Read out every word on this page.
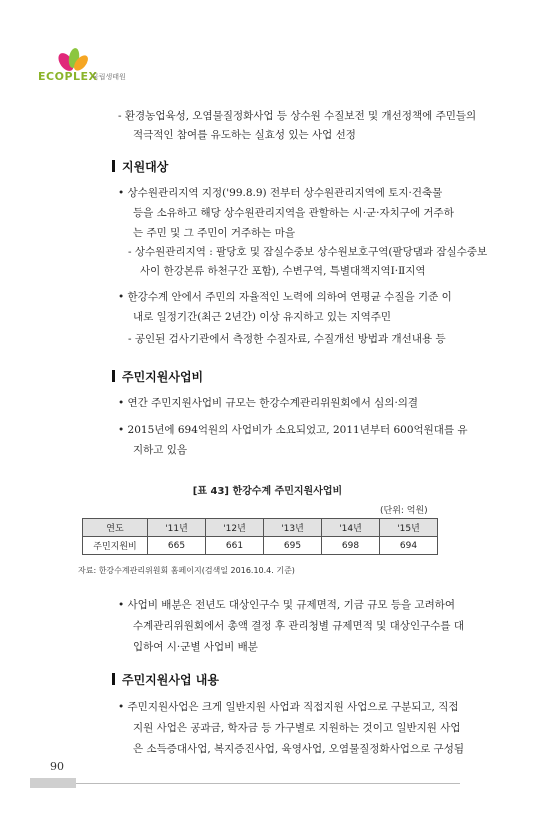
ECOPLEX
국립생태원
- 환경농업육성, 오염물질정화사업 등 상수원 수질보전 및 개선정책에 주민들의
적극적인 참여를 유도하는 실효성 있는 사업 선정
• 상수원관리지역 지정('99.8.9) 전부터 상수원관리지역에 토지·건축물
등을 소유하고 해당 상수원관리지역을 관할하는 시·군·자치구에 거주하
는 주민 및 그 주민이 거주하는 마을
- 상수원관리지역 : 팔당호 및 잠실수중보 상수원보호구역(팔당댐과 잠실수중보
사이 한강본류 하천구간 포함), 수변구역, 특별대책지역Ⅰ·Ⅱ지역
• 한강수계 안에서 주민의 자율적인 노력에 의하여 연평균 수질을 기준 이
내로 일정기간(최근 2년간) 이상 유지하고 있는 지역주민
- 공인된 검사기관에서 측정한 수질자료, 수질개선 방법과 개선내용 등
• 연간 주민지원사업비 규모는 한강수계관리위원회에서 심의·의결
• 2015년에 694억원의 사업비가 소요되었고, 2011년부터 600억원대를 유
지하고 있음
• 사업비 배분은 전년도 대상인구수 및 규제면적, 기금 규모 등을 고려하여
수계관리위원회에서 총액 결정 후 관리청별 규제면적 및 대상인구수를 대
입하여 시·군별 사업비 배분
• 주민지원사업은 크게 일반지원 사업과 직접지원 사업으로 구분되고, 직접
지원 사업은 공과금, 학자금 등 가구별로 지원하는 것이고 일반지원 사업
은 소득증대사업, 복지증진사업, 육영사업, 오염물질정화사업으로 구성됨
지원대상
주민지원사업비
주민지원사업 내용
[표 43] 한강수계 주민지원사업비
(단위: 억원)
연도	'11년	'12년	'13년	'14년	'15년
주민지원비	665	661	695	698	694
자료: 한강수계관리위원회 홈페이지(검색일 2016.10.4. 기준)
90
